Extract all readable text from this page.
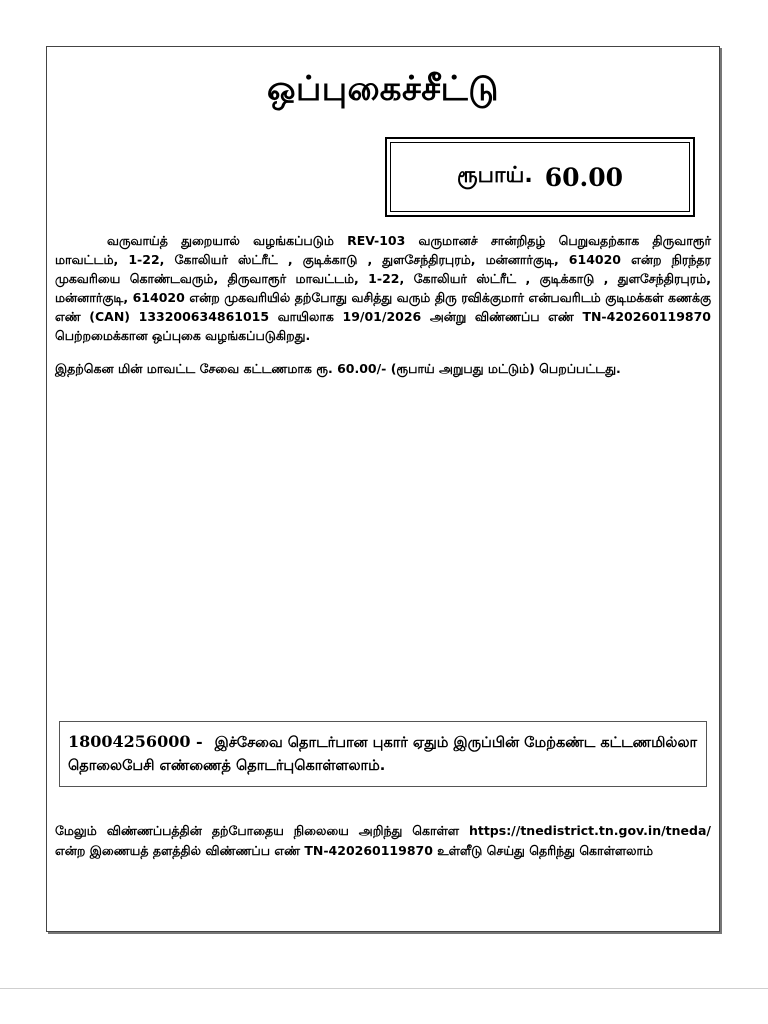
ஒப்புகைச்சீட்டு
ரூபாய். 60.00
வருவாய்த் துறையால் வழங்கப்படும் REV-103 வருமானச் சான்றிதழ் பெறுவதற்காக திருவாரூர் மாவட்டம், 1-22, கோலியர் ஸ்ட்ரீட் , குடிக்காடு , துளசேந்திரபுரம், மன்னார்குடி, 614020 என்ற நிரந்தர முகவரியை கொண்டவரும், திருவாரூர் மாவட்டம், 1-22, கோலியர் ஸ்ட்ரீட் , குடிக்காடு , துளசேந்திரபுரம், மன்னார்குடி, 614020 என்ற முகவரியில் தற்போது வசித்து வரும் திரு ரவிக்குமார் என்பவரிடம் குடிமக்கள் கணக்கு எண் (CAN) 133200634861015 வாயிலாக 19/01/2026 அன்று விண்ணப்ப எண் TN-420260119870 பெற்றமைக்கான ஒப்புகை வழங்கப்படுகிறது.
இதற்கென மின் மாவட்ட சேவை கட்டணமாக ரூ. 60.00/- (ரூபாய் அறுபது மட்டும்) பெறப்பட்டது.
18004256000 - இச்சேவை தொடர்பான புகார் ஏதும் இருப்பின் மேற்கண்ட கட்டணமில்லா தொலைபேசி எண்ணைத் தொடர்புகொள்ளலாம்.
மேலும் விண்ணப்பத்தின் தற்போதைய நிலையை அறிந்து கொள்ள https://tnedistrict.tn.gov.in/tneda/ என்ற இணையத் தளத்தில் விண்ணப்ப எண் TN-420260119870 உள்ளீடு செய்து தெரிந்து கொள்ளலாம்
